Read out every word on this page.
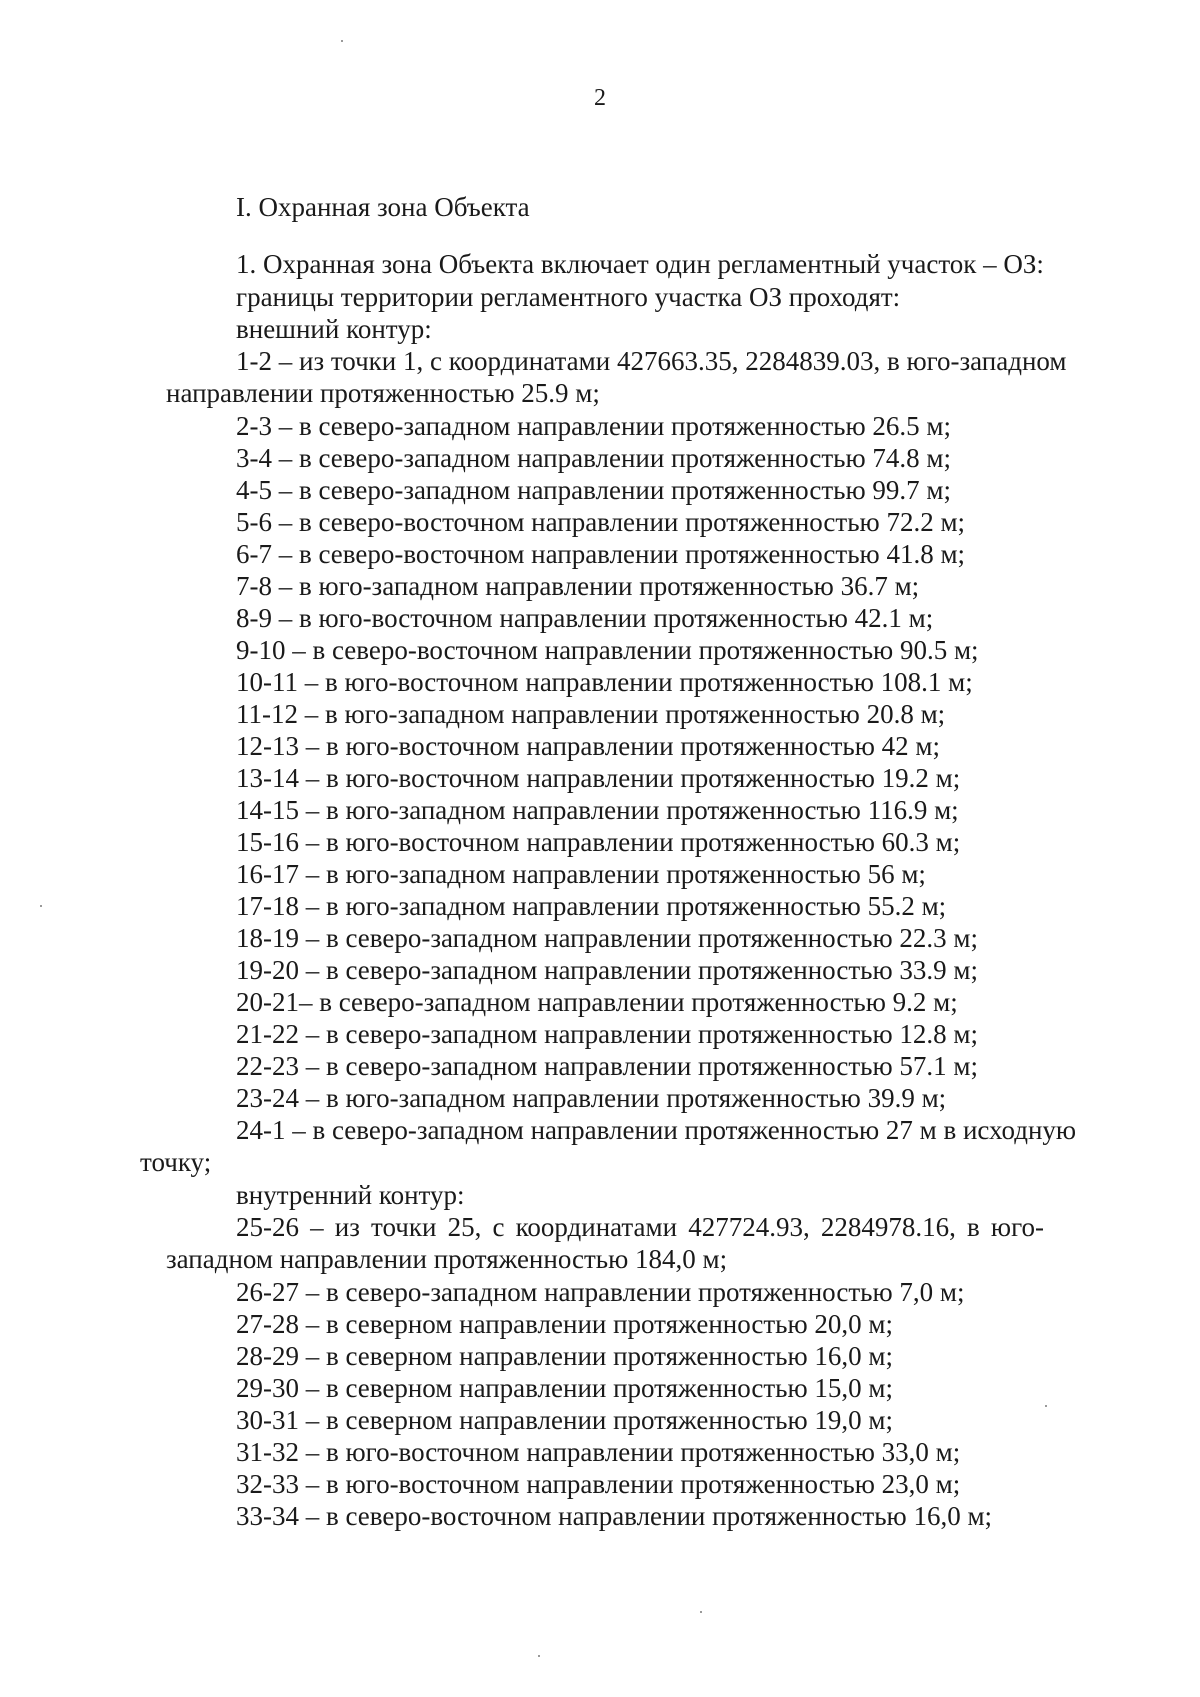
2
I. Охранная зона Объекта
1. Охранная зона Объекта включает один регламентный участок – ОЗ:
границы территории регламентного участка ОЗ проходят:
внешний контур:
1-2 – из точки 1, с координатами 427663.35, 2284839.03, в юго-западном
направлении протяженностью 25.9 м;
2-3 – в северо-западном направлении протяженностью 26.5 м;
3-4 – в северо-западном направлении протяженностью 74.8 м;
4-5 – в северо-западном направлении протяженностью 99.7 м;
5-6 – в северо-восточном направлении протяженностью 72.2 м;
6-7 – в северо-восточном направлении протяженностью 41.8 м;
7-8 – в юго-западном направлении протяженностью 36.7 м;
8-9 – в юго-восточном направлении протяженностью 42.1 м;
9-10 – в северо-восточном направлении протяженностью 90.5 м;
10-11 – в юго-восточном направлении протяженностью 108.1 м;
11-12 – в юго-западном направлении протяженностью 20.8 м;
12-13 – в юго-восточном направлении протяженностью 42 м;
13-14 – в юго-восточном направлении протяженностью 19.2 м;
14-15 – в юго-западном направлении протяженностью 116.9 м;
15-16 – в юго-восточном направлении протяженностью 60.3 м;
16-17 – в юго-западном направлении протяженностью 56 м;
17-18 – в юго-западном направлении протяженностью 55.2 м;
18-19 – в северо-западном направлении протяженностью 22.3 м;
19-20 – в северо-западном направлении протяженностью 33.9 м;
20-21– в северо-западном направлении протяженностью 9.2 м;
21-22 – в северо-западном направлении протяженностью 12.8 м;
22-23 – в северо-западном направлении протяженностью 57.1 м;
23-24 – в юго-западном направлении протяженностью 39.9 м;
24-1 – в северо-западном направлении протяженностью 27 м в исходную
точку;
внутренний контур:
25-26 – из точки 25, с координатами 427724.93, 2284978.16, в юго-
западном направлении протяженностью 184,0 м;
26-27 – в северо-западном направлении протяженностью 7,0 м;
27-28 – в северном направлении протяженностью 20,0 м;
28-29 – в северном направлении протяженностью 16,0 м;
29-30 – в северном направлении протяженностью 15,0 м;
30-31 – в северном направлении протяженностью 19,0 м;
31-32 – в юго-восточном направлении протяженностью 33,0 м;
32-33 – в юго-восточном направлении протяженностью 23,0 м;
33-34 – в северо-восточном направлении протяженностью 16,0 м;
